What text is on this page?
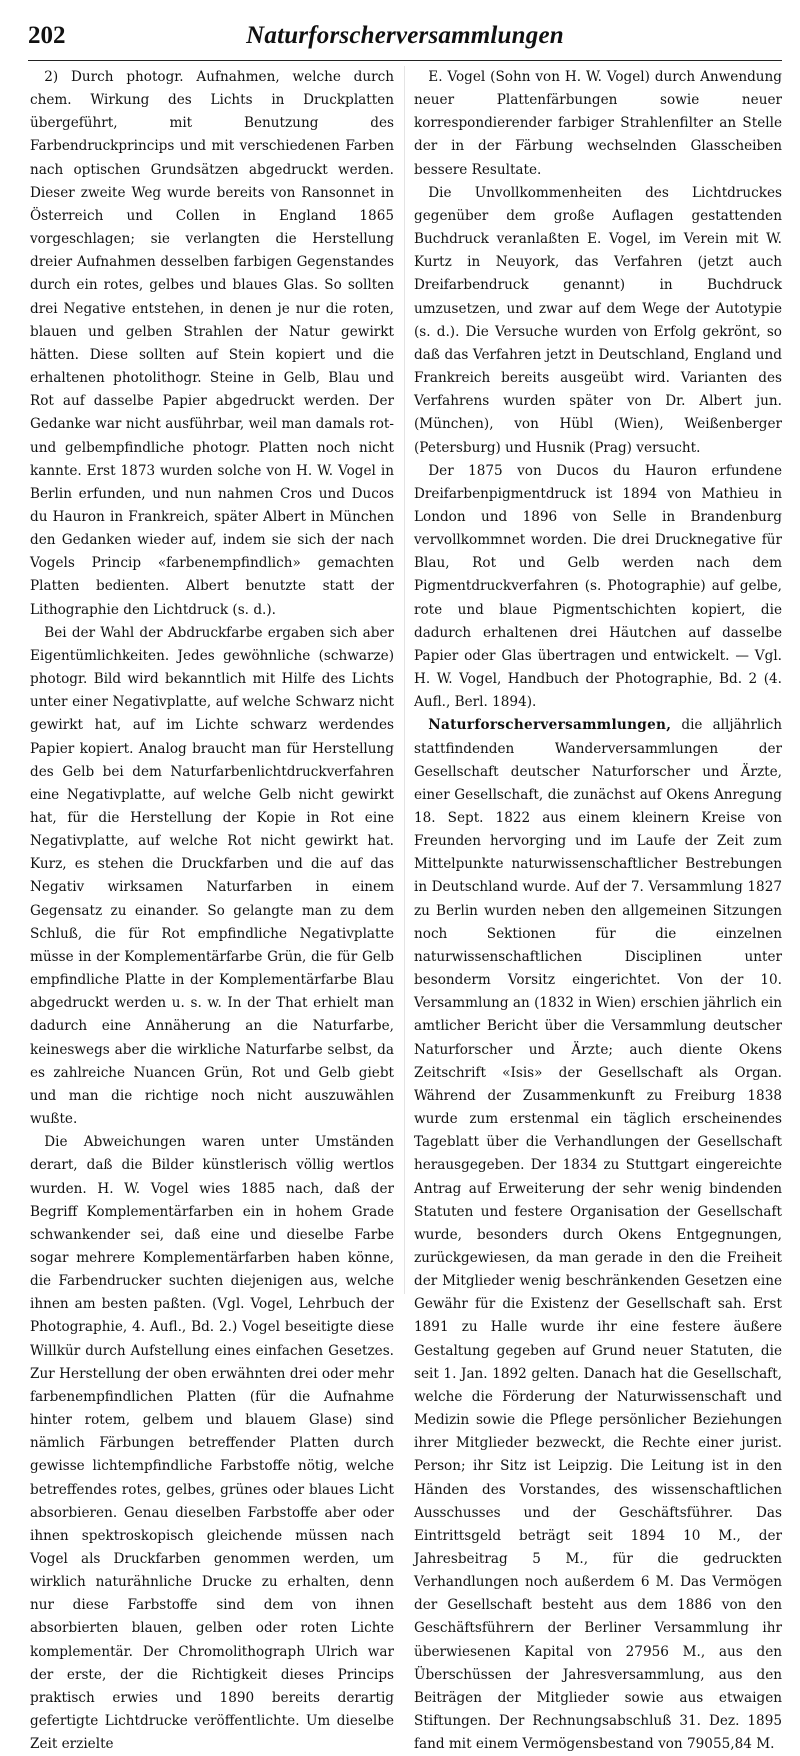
202	Naturforscherversammlungen

2) Durch photogr. Aufnahmen, welche durch chem. Wirkung des Lichts in Druckplatten übergeführt, mit Benutzung des Farbendruckprincips und mit verschiedenen Farben nach optischen Grundsätzen abgedruckt werden. Dieser zweite Weg wurde bereits von Ransonnet in Österreich und Collen in England 1865 vorgeschlagen; sie verlangten die Herstellung dreier Aufnahmen desselben farbigen Gegenstandes durch ein rotes, gelbes und blaues Glas. So sollten drei Negative entstehen, in denen je nur die roten, blauen und gelben Strahlen der Natur gewirkt hätten. Diese sollten auf Stein kopiert und die erhaltenen photolithogr. Steine in Gelb, Blau und Rot auf dasselbe Papier abgedruckt werden. Der Gedanke war nicht ausführbar, weil man damals rot- und gelbempfindliche photogr. Platten noch nicht kannte. Erst 1873 wurden solche von H. W. Vogel in Berlin erfunden, und nun nahmen Cros und Ducos du Hauron in Frankreich, später Albert in München den Gedanken wieder auf, indem sie sich der nach Vogels Princip «farbenempfindlich» gemachten Platten bedienten. Albert benutzte statt der Lithographie den Lichtdruck (s. d.).

Bei der Wahl der Abdruckfarbe ergaben sich aber Eigentümlichkeiten. Jedes gewöhnliche (schwarze) photogr. Bild wird bekanntlich mit Hilfe des Lichts unter einer Negativplatte, auf welche Schwarz nicht gewirkt hat, auf im Lichte schwarz werdendes Papier kopiert. Analog braucht man für Herstellung des Gelb bei dem Naturfarbenlichtdruckverfahren eine Negativplatte, auf welche Gelb nicht gewirkt hat, für die Herstellung der Kopie in Rot eine Negativplatte, auf welche Rot nicht gewirkt hat. Kurz, es stehen die Druckfarben und die auf das Negativ wirksamen Naturfarben in einem Gegensatz zu einander. So gelangte man zu dem Schluß, die für Rot empfindliche Negativplatte müsse in der Komplementärfarbe Grün, die für Gelb empfindliche Platte in der Komplementärfarbe Blau abgedruckt werden u. s. w. In der That erhielt man dadurch eine Annäherung an die Naturfarbe, keineswegs aber die wirkliche Naturfarbe selbst, da es zahlreiche Nuancen Grün, Rot und Gelb giebt und man die richtige noch nicht auszuwählen wußte.

Die Abweichungen waren unter Umständen derart, daß die Bilder künstlerisch völlig wertlos wurden. H. W. Vogel wies 1885 nach, daß der Begriff Komplementärfarben ein in hohem Grade schwankender sei, daß eine und dieselbe Farbe sogar mehrere Komplementärfarben haben könne, die Farbendrucker suchten diejenigen aus, welche ihnen am besten paßten. (Vgl. Vogel, Lehrbuch der Photographie, 4. Aufl., Bd. 2.) Vogel beseitigte diese Willkür durch Aufstellung eines einfachen Gesetzes. Zur Herstellung der oben erwähnten drei oder mehr farbenempfindlichen Platten (für die Aufnahme hinter rotem, gelbem und blauem Glase) sind nämlich Färbungen betreffender Platten durch gewisse lichtempfindliche Farbstoffe nötig, welche betreffendes rotes, gelbes, grünes oder blaues Licht absorbieren. Genau dieselben Farbstoffe aber oder ihnen spektroskopisch gleichende müssen nach Vogel als Druckfarben genommen werden, um wirklich naturähnliche Drucke zu erhalten, denn nur diese Farbstoffe sind dem von ihnen absorbierten blauen, gelben oder roten Lichte komplementär. Der Chromolithograph Ulrich war der erste, der die Richtigkeit dieses Princips praktisch erwies und 1890 bereits derartig gefertigte Lichtdrucke veröffentlichte. Um dieselbe Zeit erzielte

E. Vogel (Sohn von H. W. Vogel) durch Anwendung neuer Plattenfärbungen sowie neuer korrespondierender farbiger Strahlenfilter an Stelle der in der Färbung wechselnden Glasscheiben bessere Resultate.

Die Unvollkommenheiten des Lichtdruckes gegenüber dem große Auflagen gestattenden Buchdruck veranlaßten E. Vogel, im Verein mit W. Kurtz in Neuyork, das Verfahren (jetzt auch Dreifarbendruck genannt) in Buchdruck umzusetzen, und zwar auf dem Wege der Autotypie (s. d.). Die Versuche wurden von Erfolg gekrönt, so daß das Verfahren jetzt in Deutschland, England und Frankreich bereits ausgeübt wird. Varianten des Verfahrens wurden später von Dr. Albert jun. (München), von Hübl (Wien), Weißenberger (Petersburg) und Husnik (Prag) versucht.

Der 1875 von Ducos du Hauron erfundene Dreifarbenpigmentdruck ist 1894 von Mathieu in London und 1896 von Selle in Brandenburg vervollkommnet worden. Die drei Drucknegative für Blau, Rot und Gelb werden nach dem Pigmentdruckverfahren (s. Photographie) auf gelbe, rote und blaue Pigmentschichten kopiert, die dadurch erhaltenen drei Häutchen auf dasselbe Papier oder Glas übertragen und entwickelt. — Vgl. H. W. Vogel, Handbuch der Photographie, Bd. 2 (4. Aufl., Berl. 1894).

Naturforscherversammlungen, die alljährlich stattfindenden Wanderversammlungen der Gesellschaft deutscher Naturforscher und Ärzte, einer Gesellschaft, die zunächst auf Okens Anregung 18. Sept. 1822 aus einem kleinern Kreise von Freunden hervorging und im Laufe der Zeit zum Mittelpunkte naturwissenschaftlicher Bestrebungen in Deutschland wurde. Auf der 7. Versammlung 1827 zu Berlin wurden neben den allgemeinen Sitzungen noch Sektionen für die einzelnen naturwissenschaftlichen Disciplinen unter besonderm Vorsitz eingerichtet. Von der 10. Versammlung an (1832 in Wien) erschien jährlich ein amtlicher Bericht über die Versammlung deutscher Naturforscher und Ärzte; auch diente Okens Zeitschrift «Isis» der Gesellschaft als Organ. Während der Zusammenkunft zu Freiburg 1838 wurde zum erstenmal ein täglich erscheinendes Tageblatt über die Verhandlungen der Gesellschaft herausgegeben. Der 1834 zu Stuttgart eingereichte Antrag auf Erweiterung der sehr wenig bindenden Statuten und festere Organisation der Gesellschaft wurde, besonders durch Okens Entgegnungen, zurückgewiesen, da man gerade in den die Freiheit der Mitglieder wenig beschränkenden Gesetzen eine Gewähr für die Existenz der Gesellschaft sah. Erst 1891 zu Halle wurde ihr eine festere äußere Gestaltung gegeben auf Grund neuer Statuten, die seit 1. Jan. 1892 gelten. Danach hat die Gesellschaft, welche die Förderung der Naturwissenschaft und Medizin sowie die Pflege persönlicher Beziehungen ihrer Mitglieder bezweckt, die Rechte einer jurist. Person; ihr Sitz ist Leipzig. Die Leitung ist in den Händen des Vorstandes, des wissenschaftlichen Ausschusses und der Geschäftsführer. Das Eintrittsgeld beträgt seit 1894 10 M., der Jahresbeitrag 5 M., für die gedruckten Verhandlungen noch außerdem 6 M. Das Vermögen der Gesellschaft besteht aus dem 1886 von den Geschäftsführern der Berliner Versammlung ihr überwiesenen Kapital von 27956 M., aus den Überschüssen der Jahresversammlung, aus den Beiträgen der Mitglieder sowie aus etwaigen Stiftungen. Der Rechnungsabschluß 31. Dez. 1895 fand mit einem Vermögensbestand von 79055,84 M.
